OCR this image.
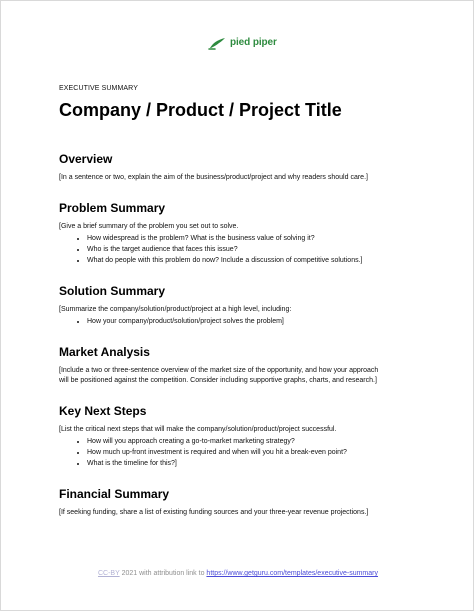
pied piper
EXECUTIVE SUMMARY
Company / Product / Project Title
Overview

[In a sentence or two, explain the aim of the business/product/project and why readers should care.]

Problem Summary

[Give a brief summary of the problem you set out to solve.

• How widespread is the problem? What is the business value of solving it?
• Who is the target audience that faces this issue?
• What do people with this problem do now? Include a discussion of competitive solutions.]
Solution Summary

[Summarize the company/solution/product/project at a high level, including:

• How your company/product/solution/project solves the problem]
Market Analysis

[Include a two or three-sentence overview of the market size of the opportunity, and how your approach

will be positioned against the competition. Consider including supportive graphs, charts, and research.]

Key Next Steps

[List the critical next steps that will make the company/solution/product/project successful.

• How will you approach creating a go-to-market marketing strategy?
• How much up-front investment is required and when will you hit a break-even point?
• What is the timeline for this?]
Financial Summary

[If seeking funding, share a list of existing funding sources and your three-year revenue projections.]

CC-BY 2021 with attribution link to https://www.getguru.com/templates/executive-summary
